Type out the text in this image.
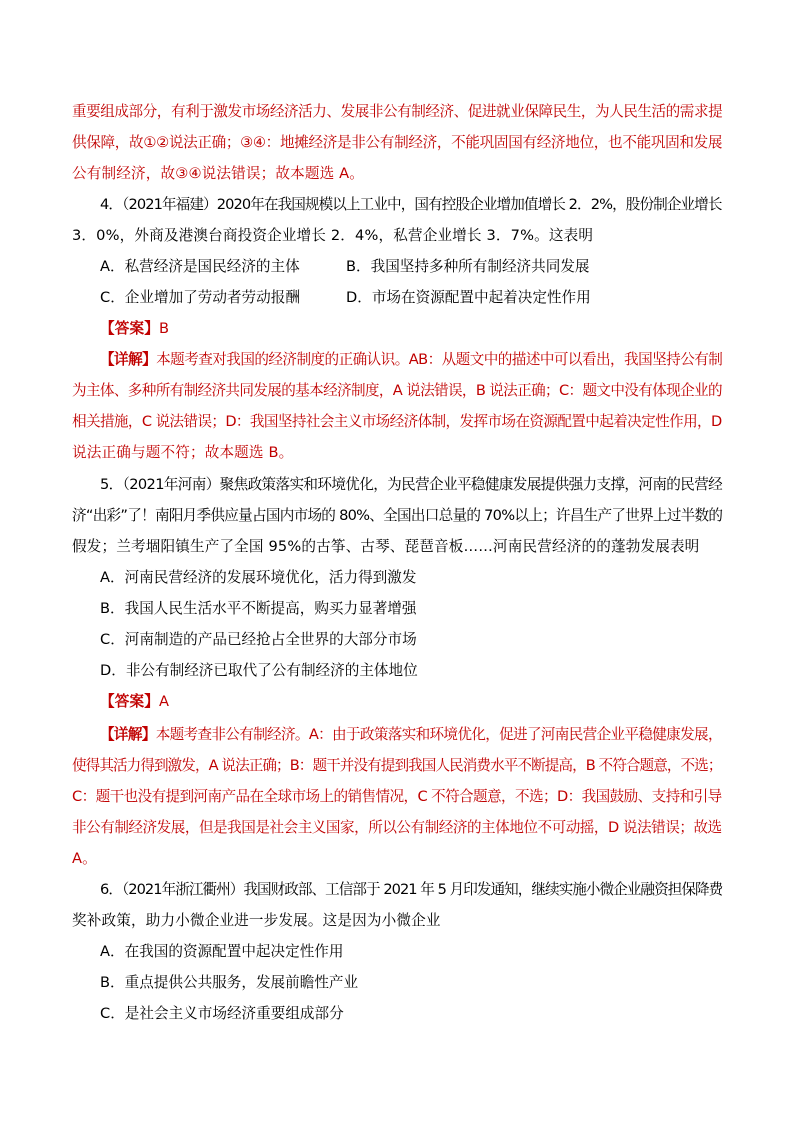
重要组成部分，有利于激发市场经济活力、发展非公有制经济、促进就业保障民生，为人民生活的需求提
供保障，故①②说法正确；③④：地摊经济是非公有制经济，不能巩固国有经济地位，也不能巩固和发展
公有制经济，故③④说法错误；故本题选 A。
4．（2021年福建）2020年在我国规模以上工业中，国有控股企业增加值增长 2．2%，股份制企业增长
3．0%，外商及港澳台商投资企业增长 2．4%，私营企业增长 3．7%。这表明
A．私营经济是国民经济的主体	B．我国坚持多种所有制经济共同发展
C．企业增加了劳动者劳动报酬	D．市场在资源配置中起着决定性作用
【答案】B
【详解】本题考查对我国的经济制度的正确认识。AB：从题文中的描述中可以看出，我国坚持公有制
为主体、多种所有制经济共同发展的基本经济制度，A 说法错误，B 说法正确；C：题文中没有体现企业的
相关措施，C 说法错误；D：我国坚持社会主义市场经济体制，发挥市场在资源配置中起着决定性作用，D
说法正确与题不符；故本题选 B。
5．（2021年河南）聚焦政策落实和环境优化，为民营企业平稳健康发展提供强力支撑，河南的民营经
济“出彩”了！南阳月季供应量占国内市场的 80%、全国出口总量的 70%以上；许昌生产了世界上过半数的
假发；兰考堌阳镇生产了全国 95%的古筝、古琴、琵琶音板……河南民营经济的的蓬勃发展表明
A．河南民营经济的发展环境优化，活力得到激发
B．我国人民生活水平不断提高，购买力显著增强
C．河南制造的产品已经抢占全世界的大部分市场
D．非公有制经济已取代了公有制经济的主体地位
【答案】A
【详解】本题考查非公有制经济。A：由于政策落实和环境优化，促进了河南民营企业平稳健康发展，
使得其活力得到激发，A 说法正确；B：题干并没有提到我国人民消费水平不断提高，B 不符合题意，不选；
C：题干也没有提到河南产品在全球市场上的销售情况，C 不符合题意，不选；D：我国鼓励、支持和引导
非公有制经济发展，但是我国是社会主义国家，所以公有制经济的主体地位不可动摇，D 说法错误；故选
A。
6．（2021年浙江衢州）我国财政部、工信部于 2021 年 5 月印发通知，继续实施小微企业融资担保降费
奖补政策，助力小微企业进一步发展。这是因为小微企业
A．在我国的资源配置中起决定性作用
B．重点提供公共服务，发展前瞻性产业
C．是社会主义市场经济重要组成部分
